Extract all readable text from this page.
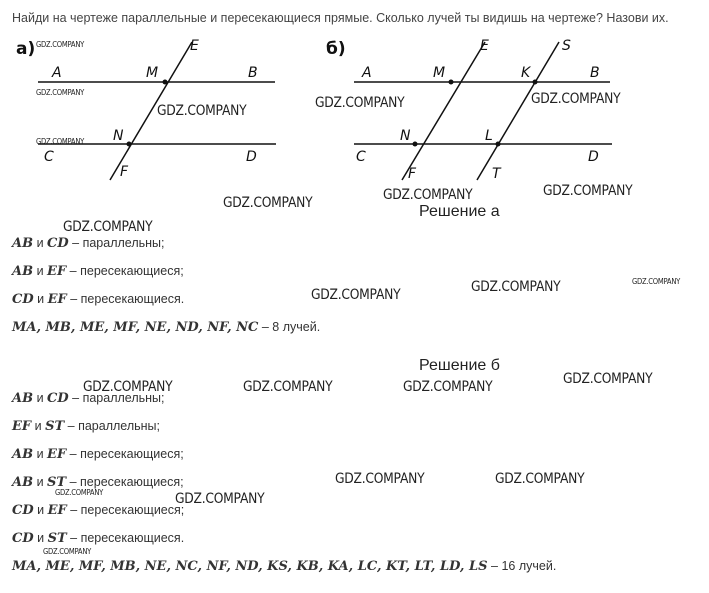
Найди на чертеже параллельные и пересекающиеся прямые. Сколько лучей ты видишь на чертеже? Назови их.
а)
A	M	B
E
N
C	D
F
б)
A	M	K	B
E	S
N	L
C	D
F	T
Решение а
AB и CD – параллельны;
AB и EF – пересекающиеся;
CD и EF – пересекающиеся.
MA, MB, ME, MF, NE, ND, NF, NC – 8 лучей.
Решение б
AB и CD – параллельны;
EF и ST – параллельны;
AB и EF – пересекающиеся;
AB и ST – пересекающиеся;
CD и EF – пересекающиеся;
CD и ST – пересекающиеся.
MA, ME, MF, MB, NE, NC, NF, ND, KS, KB, KA, LC, KT, LT, LD, LS – 16 лучей.
GDZ.COMPANY
GDZ.COMPANY
GDZ.COMPANY
GDZ.COMPANY	GDZ.COMPANY	GDZ.COMPANY
GDZ.COMPANY	GDZ.COMPANY
GDZ.COMPANY
GDZ.COMPANY
GDZ.COMPANY
GDZ.COMPANY
GDZ.COMPANY
GDZ.COMPANY	GDZ.COMPANY	GDZ.COMPANY	GDZ.COMPANY
GDZ.COMPANY	GDZ.COMPANY
GDZ.COMPANY	GDZ.COMPANY
GDZ.COMPANY
